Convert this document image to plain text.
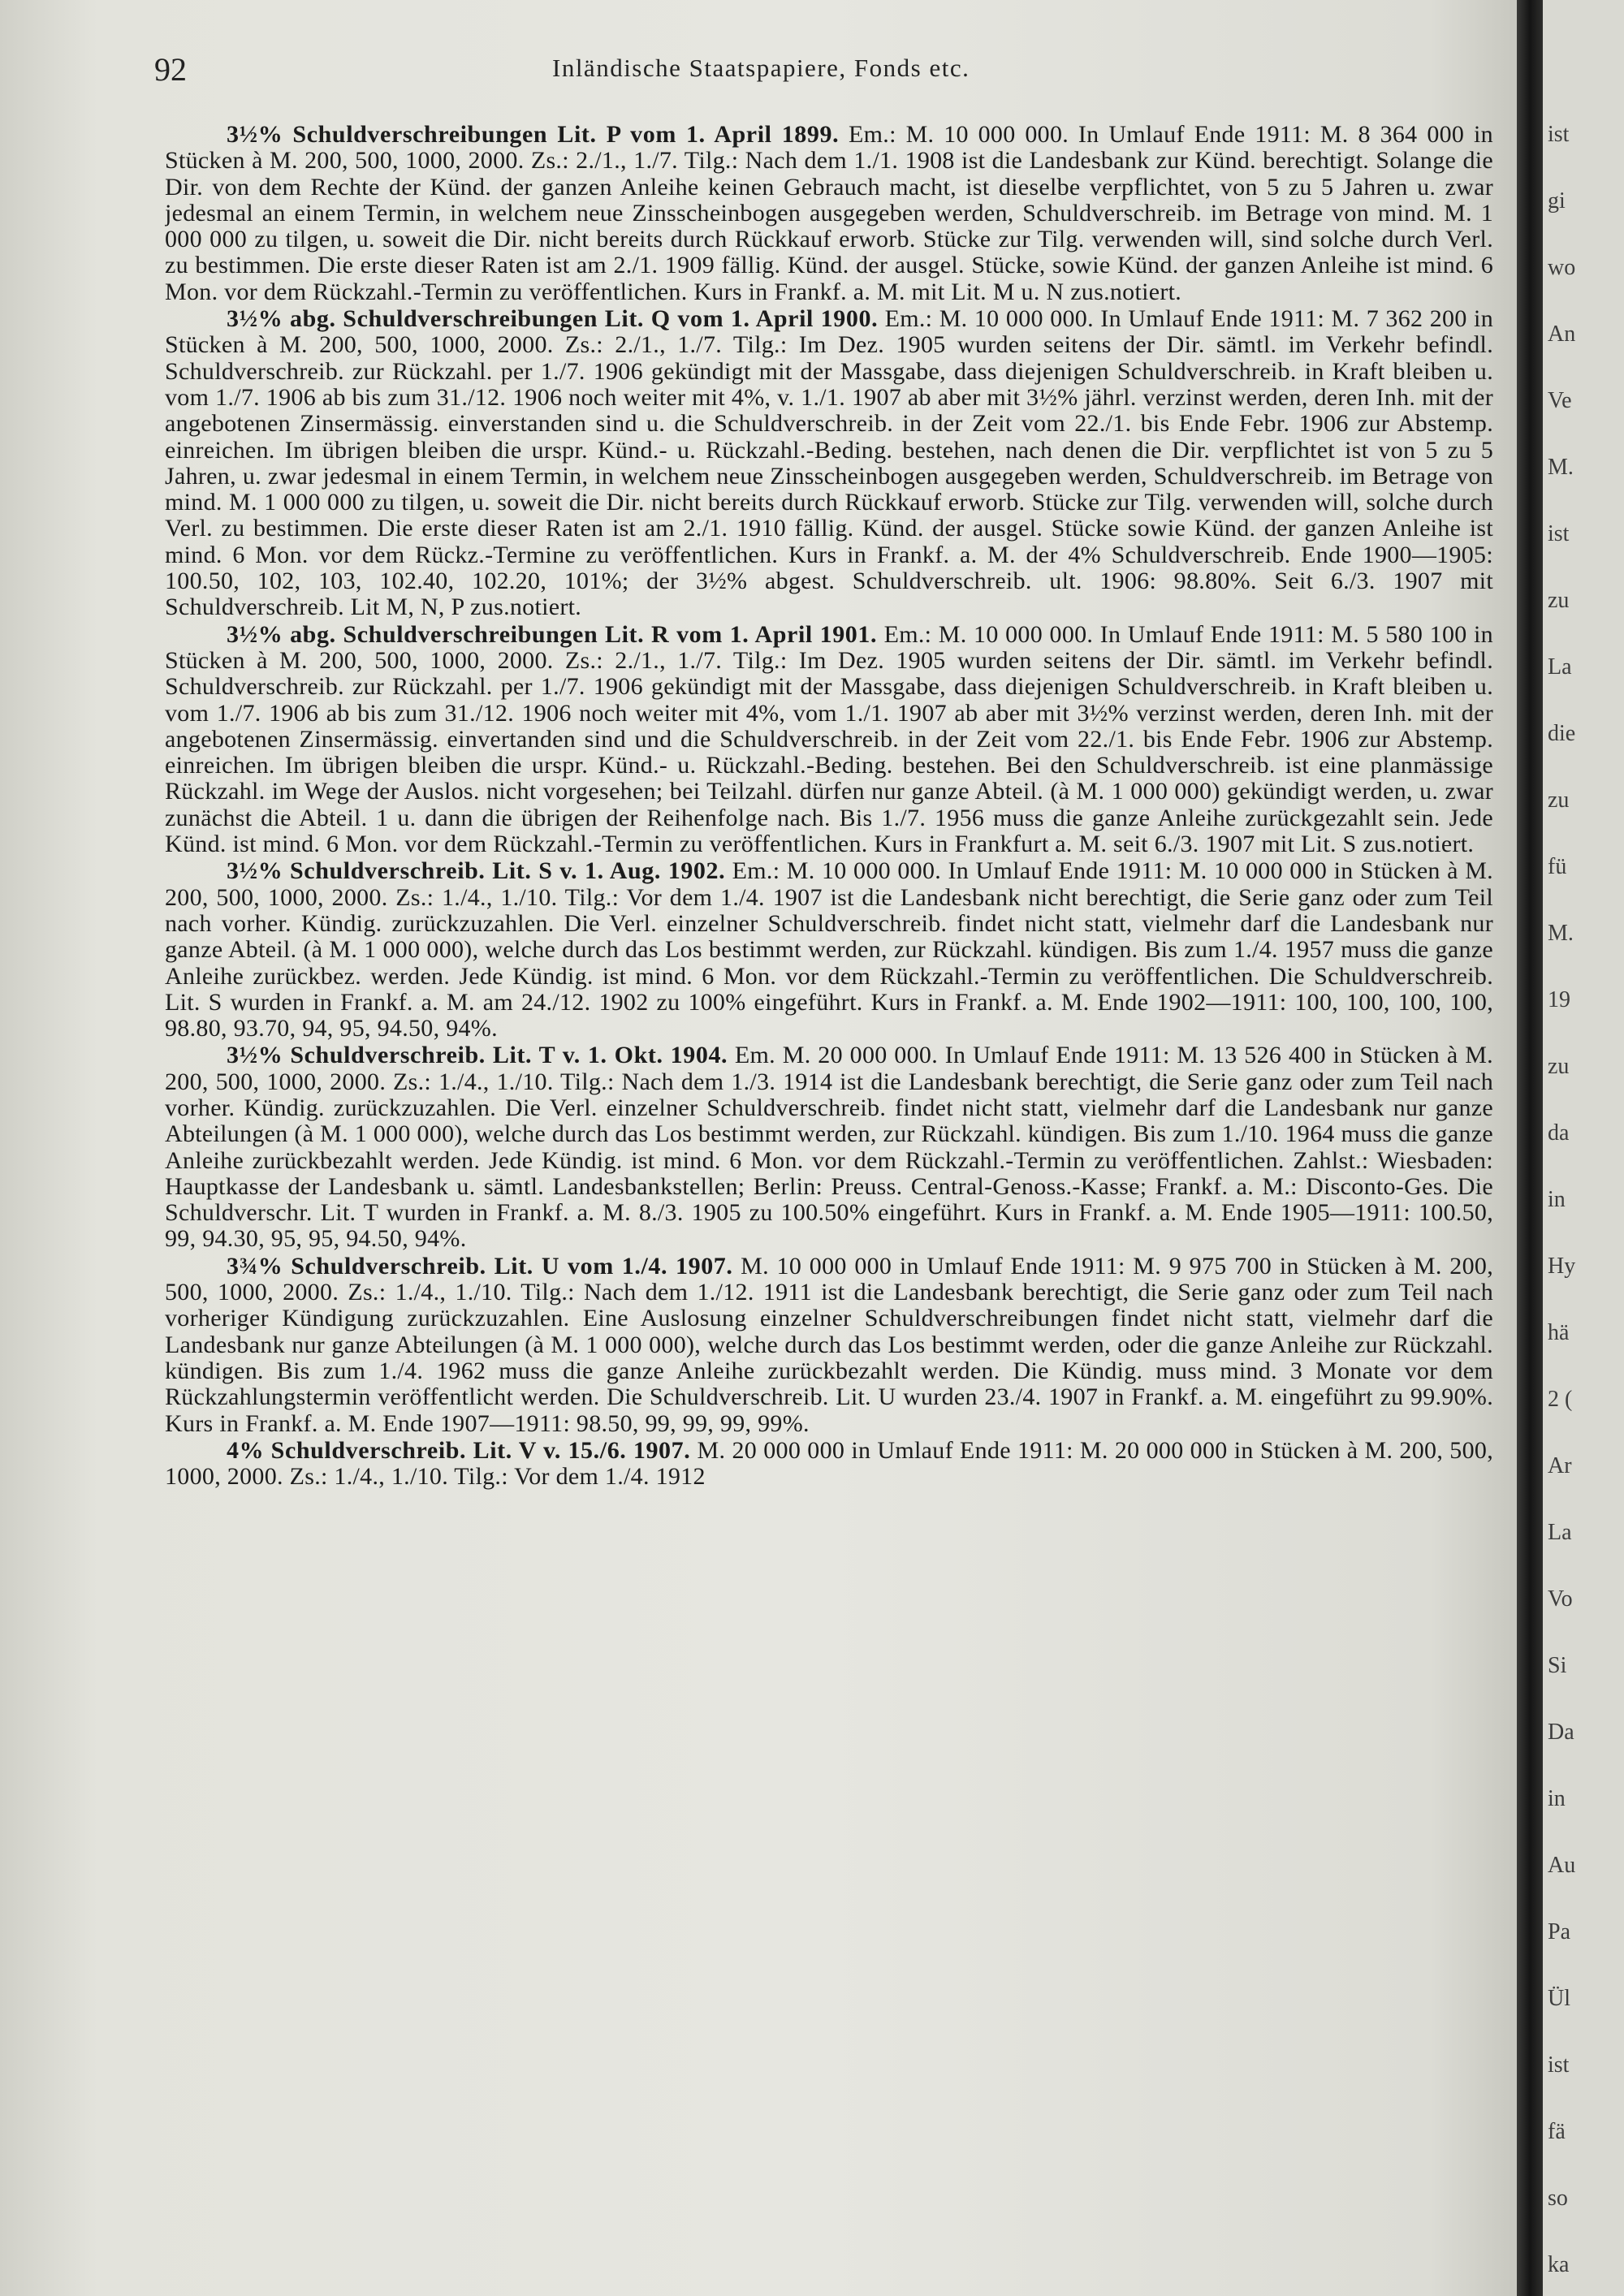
92	Inländische Staatspapiere, Fonds etc.

3½% Schuldverschreibungen Lit. P vom 1. April 1899. Em.: M. 10 000 000. In Umlauf Ende 1911: M. 8 364 000 in Stücken à M. 200, 500, 1000, 2000. Zs.: 2./1., 1./7. Tilg.: Nach dem 1./1. 1908 ist die Landesbank zur Künd. berechtigt. Solange die Dir. von dem Rechte der Künd. der ganzen Anleihe keinen Gebrauch macht, ist dieselbe verpflichtet, von 5 zu 5 Jahren u. zwar jedesmal an einem Termin, in welchem neue Zinsscheinbogen ausgegeben werden, Schuldverschreib. im Betrage von mind. M. 1 000 000 zu tilgen, u. soweit die Dir. nicht bereits durch Rückkauf erworb. Stücke zur Tilg. verwenden will, sind solche durch Verl. zu bestimmen. Die erste dieser Raten ist am 2./1. 1909 fällig. Künd. der ausgel. Stücke, sowie Künd. der ganzen Anleihe ist mind. 6 Mon. vor dem Rückzahl.-Termin zu veröffentlichen. Kurs in Frankf. a. M. mit Lit. M u. N zus.notiert.

3½% abg. Schuldverschreibungen Lit. Q vom 1. April 1900. Em.: M. 10 000 000. In Umlauf Ende 1911: M. 7 362 200 in Stücken à M. 200, 500, 1000, 2000. Zs.: 2./1., 1./7. Tilg.: Im Dez. 1905 wurden seitens der Dir. sämtl. im Verkehr befindl. Schuldverschreib. zur Rückzahl. per 1./7. 1906 gekündigt mit der Massgabe, dass diejenigen Schuldverschreib. in Kraft bleiben u. vom 1./7. 1906 ab bis zum 31./12. 1906 noch weiter mit 4%, v. 1./1. 1907 ab aber mit 3½% jährl. verzinst werden, deren Inh. mit der angebotenen Zinsermässig. einverstanden sind u. die Schuldverschreib. in der Zeit vom 22./1. bis Ende Febr. 1906 zur Abstemp. einreichen. Im übrigen bleiben die urspr. Künd.- u. Rückzahl.-Beding. bestehen, nach denen die Dir. verpflichtet ist von 5 zu 5 Jahren, u. zwar jedesmal in einem Termin, in welchem neue Zinsscheinbogen ausgegeben werden, Schuldverschreib. im Betrage von mind. M. 1 000 000 zu tilgen, u. soweit die Dir. nicht bereits durch Rückkauf erworb. Stücke zur Tilg. verwenden will, solche durch Verl. zu bestimmen. Die erste dieser Raten ist am 2./1. 1910 fällig. Künd. der ausgel. Stücke sowie Künd. der ganzen Anleihe ist mind. 6 Mon. vor dem Rückz.-Termine zu veröffentlichen. Kurs in Frankf. a. M. der 4% Schuldverschreib. Ende 1900—1905: 100.50, 102, 103, 102.40, 102.20, 101%; der 3½% abgest. Schuldverschreib. ult. 1906: 98.80%. Seit 6./3. 1907 mit Schuldverschreib. Lit M, N, P zus.notiert.

3½% abg. Schuldverschreibungen Lit. R vom 1. April 1901. Em.: M. 10 000 000. In Umlauf Ende 1911: M. 5 580 100 in Stücken à M. 200, 500, 1000, 2000. Zs.: 2./1., 1./7. Tilg.: Im Dez. 1905 wurden seitens der Dir. sämtl. im Verkehr befindl. Schuldverschreib. zur Rückzahl. per 1./7. 1906 gekündigt mit der Massgabe, dass diejenigen Schuldverschreib. in Kraft bleiben u. vom 1./7. 1906 ab bis zum 31./12. 1906 noch weiter mit 4%, vom 1./1. 1907 ab aber mit 3½% verzinst werden, deren Inh. mit der angebotenen Zinsermässig. einvertanden sind und die Schuldverschreib. in der Zeit vom 22./1. bis Ende Febr. 1906 zur Abstemp. einreichen. Im übrigen bleiben die urspr. Künd.- u. Rückzahl.-Beding. bestehen. Bei den Schuldverschreib. ist eine planmässige Rückzahl. im Wege der Auslos. nicht vorgesehen; bei Teilzahl. dürfen nur ganze Abteil. (à M. 1 000 000) gekündigt werden, u. zwar zunächst die Abteil. 1 u. dann die übrigen der Reihenfolge nach. Bis 1./7. 1956 muss die ganze Anleihe zurückgezahlt sein. Jede Künd. ist mind. 6 Mon. vor dem Rückzahl.-Termin zu veröffentlichen. Kurs in Frankfurt a. M. seit 6./3. 1907 mit Lit. S zus.notiert.

3½% Schuldverschreib. Lit. S v. 1. Aug. 1902. Em.: M. 10 000 000. In Umlauf Ende 1911: M. 10 000 000 in Stücken à M. 200, 500, 1000, 2000. Zs.: 1./4., 1./10. Tilg.: Vor dem 1./4. 1907 ist die Landesbank nicht berechtigt, die Serie ganz oder zum Teil nach vorher. Kündig. zurückzuzahlen. Die Verl. einzelner Schuldverschreib. findet nicht statt, vielmehr darf die Landesbank nur ganze Abteil. (à M. 1 000 000), welche durch das Los bestimmt werden, zur Rückzahl. kündigen. Bis zum 1./4. 1957 muss die ganze Anleihe zurückbez. werden. Jede Kündig. ist mind. 6 Mon. vor dem Rückzahl.-Termin zu veröffentlichen. Die Schuldverschreib. Lit. S wurden in Frankf. a. M. am 24./12. 1902 zu 100% eingeführt. Kurs in Frankf. a. M. Ende 1902—1911: 100, 100, 100, 100, 98.80, 93.70, 94, 95, 94.50, 94%.

3½% Schuldverschreib. Lit. T v. 1. Okt. 1904. Em. M. 20 000 000. In Umlauf Ende 1911: M. 13 526 400 in Stücken à M. 200, 500, 1000, 2000. Zs.: 1./4., 1./10. Tilg.: Nach dem 1./3. 1914 ist die Landesbank berechtigt, die Serie ganz oder zum Teil nach vorher. Kündig. zurückzuzahlen. Die Verl. einzelner Schuldverschreib. findet nicht statt, vielmehr darf die Landesbank nur ganze Abteilungen (à M. 1 000 000), welche durch das Los bestimmt werden, zur Rückzahl. kündigen. Bis zum 1./10. 1964 muss die ganze Anleihe zurückbezahlt werden. Jede Kündig. ist mind. 6 Mon. vor dem Rückzahl.-Termin zu veröffentlichen. Zahlst.: Wiesbaden: Hauptkasse der Landesbank u. sämtl. Landesbankstellen; Berlin: Preuss. Central-Genoss.-Kasse; Frankf. a. M.: Disconto-Ges. Die Schuldverschr. Lit. T wurden in Frankf. a. M. 8./3. 1905 zu 100.50% eingeführt. Kurs in Frankf. a. M. Ende 1905—1911: 100.50, 99, 94.30, 95, 95, 94.50, 94%.

3¾% Schuldverschreib. Lit. U vom 1./4. 1907. M. 10 000 000 in Umlauf Ende 1911: M. 9 975 700 in Stücken à M. 200, 500, 1000, 2000. Zs.: 1./4., 1./10. Tilg.: Nach dem 1./12. 1911 ist die Landesbank berechtigt, die Serie ganz oder zum Teil nach vorheriger Kündigung zurückzuzahlen. Eine Auslosung einzelner Schuldverschreibungen findet nicht statt, vielmehr darf die Landesbank nur ganze Abteilungen (à M. 1 000 000), welche durch das Los bestimmt werden, oder die ganze Anleihe zur Rückzahl. kündigen. Bis zum 1./4. 1962 muss die ganze Anleihe zurückbezahlt werden. Die Kündig. muss mind. 3 Monate vor dem Rückzahlungstermin veröffentlicht werden. Die Schuldverschreib. Lit. U wurden 23./4. 1907 in Frankf. a. M. eingeführt zu 99.90%. Kurs in Frankf. a. M. Ende 1907—1911: 98.50, 99, 99, 99, 99%.

4% Schuldverschreib. Lit. V v. 15./6. 1907. M. 20 000 000 in Umlauf Ende 1911: M. 20 000 000 in Stücken à M. 200, 500, 1000, 2000. Zs.: 1./4., 1./10. Tilg.: Vor dem 1./4. 1912

ist
gi
wo
An
Ve
M.
ist
zu
La
die
zu
fü
M.
19
zu
da
in
Hy
hä
2 (
Ar
La
Vo
Si
Da
in
Au
Pa
Ül
ist
fä
so
ka
